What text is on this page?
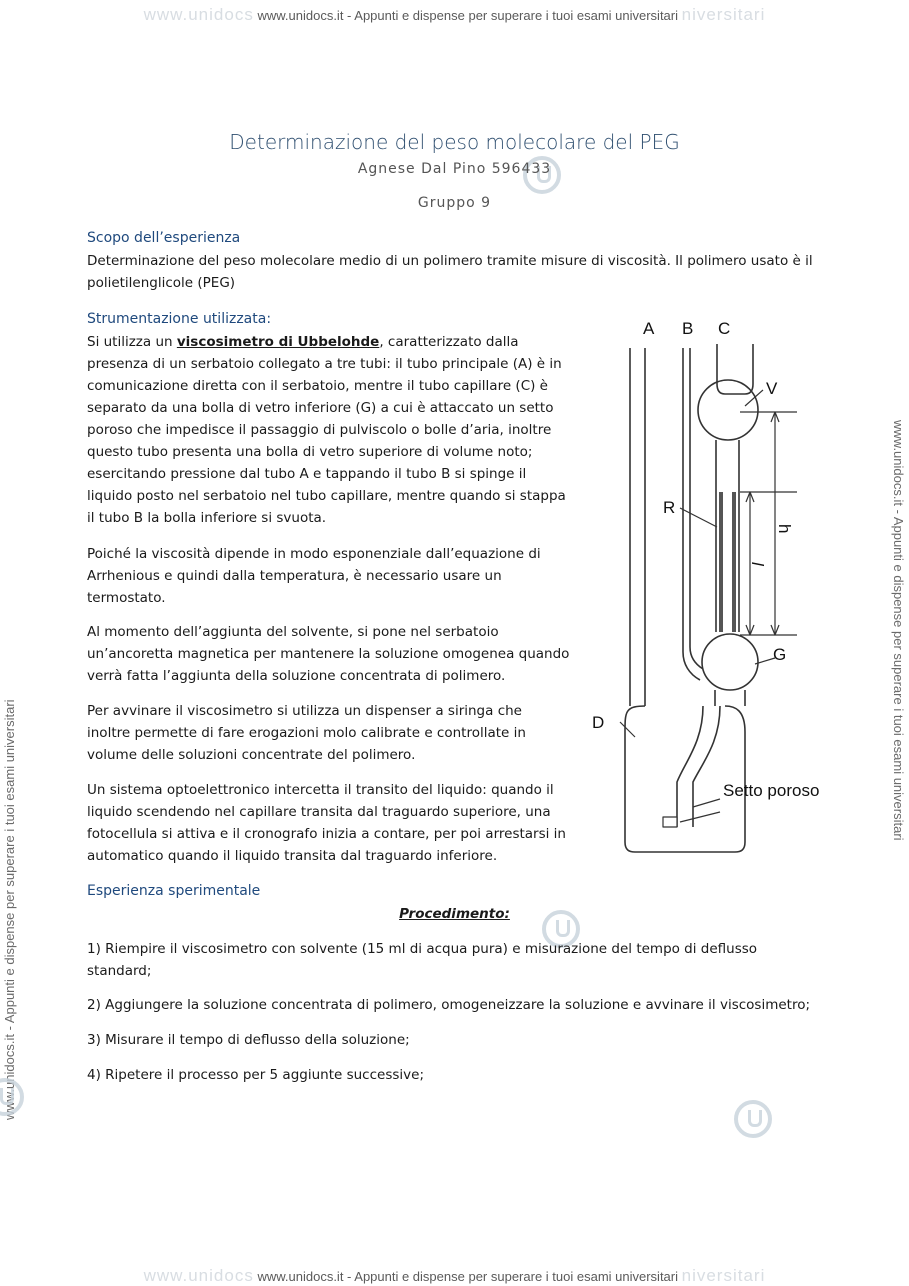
www.unidocs www.unidocs.it - Appunti e dispense per superare i tuoi esami universitari niversitari
www.unidocs www.unidocs.it - Appunti e dispense per superare i tuoi esami universitari niversitari
www.unidocs.it - Appunti e dispense per superare i tuoi esami universitari
www.unidocs.it - Appunti e dispense per superare i tuoi esami universitari
Determinazione del peso molecolare del PEG
Agnese Dal Pino 596433
Gruppo 9
Scopo dell’esperienza

Determinazione del peso molecolare medio di un polimero tramite misure di viscosità. Il polimero usato è il polietilenglicole (PEG)

Strumentazione utilizzata:

Si utilizza un viscosimetro di Ubbelohde, caratterizzato dalla presenza di un serbatoio collegato a tre tubi: il tubo principale (A) è in comunicazione diretta con il serbatoio, mentre il tubo capillare (C) è separato da una bolla di vetro inferiore (G) a cui è attaccato un setto poroso che impedisce il passaggio di pulviscolo o bolle d’aria, inoltre questo tubo presenta una bolla di vetro superiore di volume noto; esercitando pressione dal tubo A e tappando il tubo B si spinge il liquido posto nel serbatoio nel tubo capillare, mentre quando si stappa il tubo B la bolla inferiore si svuota.

Poiché la viscosità dipende in modo esponenziale dall’equazione di Arrhenious e quindi dalla temperatura, è necessario usare un termostato.

Al momento dell’aggiunta del solvente, si pone nel serbatoio un’ancoretta magnetica per mantenere la soluzione omogenea quando verrà fatta l’aggiunta della soluzione concentrata di polimero.

Per avvinare il viscosimetro si utilizza un dispenser a siringa che inoltre permette di fare erogazioni molo calibrate e controllate in volume delle soluzioni concentrate del polimero.

Un sistema optoelettronico intercetta il transito del liquido: quando il liquido scendendo nel capillare transita dal traguardo superiore, una fotocellula si attiva e il cronografo inizia a contare, per poi arrestarsi in automatico quando il liquido transita dal traguardo inferiore.

A B C
V
R
h
l
G
D
Setto poroso
Esperienza sperimentale
Procedimento:

1) Riempire il viscosimetro con solvente (15 ml di acqua pura) e misurazione del tempo di deflusso standard;

2) Aggiungere la soluzione concentrata di polimero, omogeneizzare la soluzione e avvinare il viscosimetro;

3) Misurare il tempo di deflusso della soluzione;

4) Ripetere il processo per 5 aggiunte successive;
